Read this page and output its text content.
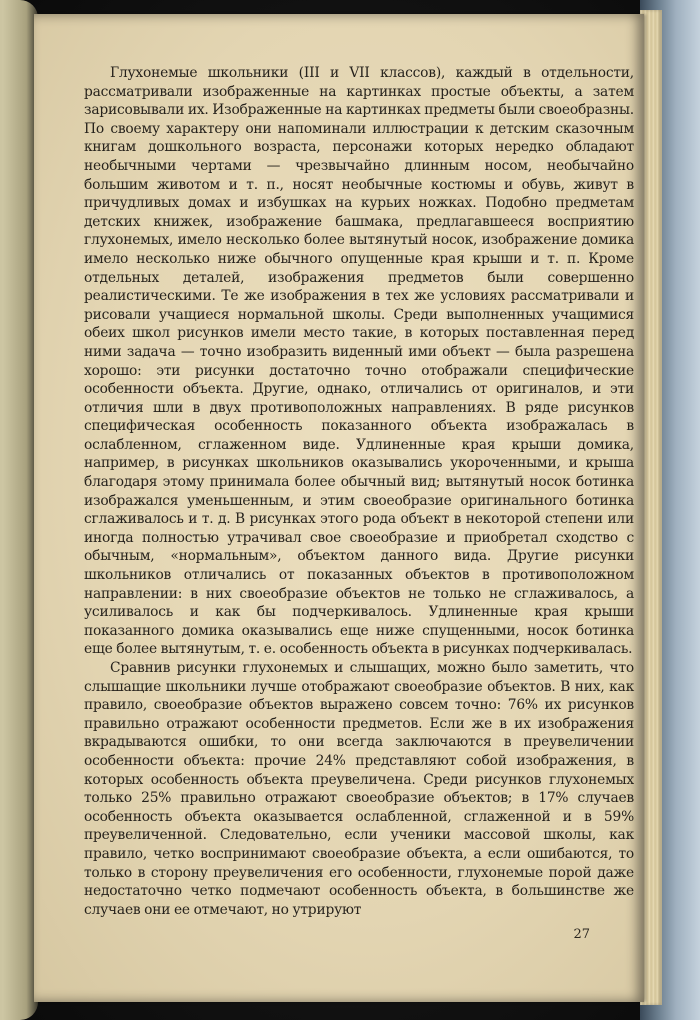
Глухонемые школьники (III и VII классов), каждый в отдельности, рассматривали изображенные на картинках простые объекты, а затем зарисовывали их. Изображенные на картинках предметы были своеобразны. По своему характеру они напоминали иллюстрации к детским сказочным книгам дошкольного возраста, персонажи которых нередко обладают необычными чертами — чрезвычайно длинным носом, необычайно большим животом и т. п., носят необычные костюмы и обувь, живут в причудливых домах и избушках на курьих ножках. Подобно предметам детских книжек, изображение башмака, предлагавшееся восприятию глухонемых, имело несколько более вытянутый носок, изображение домика имело несколько ниже обычного опущенные края крыши и т. п. Кроме отдельных деталей, изображения предметов были совершенно реалистическими. Те же изображения в тех же условиях рассматривали и рисовали учащиеся нормальной школы. Среди выполненных учащимися обеих школ рисунков имели место такие, в которых поставленная перед ними задача — точно изобразить виденный ими объект — была разрешена хорошо: эти рисунки достаточно точно отображали специфические особенности объекта. Другие, однако, отличались от оригиналов, и эти отличия шли в двух противоположных направлениях. В ряде рисунков специфическая особенность показанного объекта изображалась в ослабленном, сглаженном виде. Удлиненные края крыши домика, например, в рисунках школьников оказывались укороченными, и крыша благодаря этому принимала более обычный вид; вытянутый носок ботинка изображался уменьшенным, и этим своеобразие оригинального ботинка сглаживалось и т. д. В рисунках этого рода объект в некоторой степени или иногда полностью утрачивал свое своеобразие и приобретал сходство с обычным, «нормальным», объектом данного вида. Другие рисунки школьников отличались от показанных объектов в противоположном направлении: в них своеобразие объектов не только не сглаживалось, а усиливалось и как бы подчеркивалось. Удлиненные края крыши показанного домика оказывались еще ниже спущенными, носок ботинка еще более вытянутым, т. е. особенность объекта в рисунках подчеркивалась.

Сравнив рисунки глухонемых и слышащих, можно было заметить, что слышащие школьники лучше отображают своеобразие объектов. В них, как правило, своеобразие объектов выражено совсем точно: 76% их рисунков правильно отражают особенности предметов. Если же в их изображения вкрадываются ошибки, то они всегда заключаются в преувеличении особенности объекта: прочие 24% представляют собой изображения, в которых особенность объекта преувеличена. Среди рисунков глухонемых только 25% правильно отражают своеобразие объектов; в 17% случаев особенность объекта оказывается ослабленной, сглаженной и в 59% преувеличенной. Следовательно, если ученики массовой школы, как правило, четко воспринимают своеобразие объекта, а если ошибаются, то только в сторону преувеличения его особенности, глухонемые порой даже недостаточно четко подмечают особенность объекта, в большинстве же случаев они ее отмечают, но утрируют

27
